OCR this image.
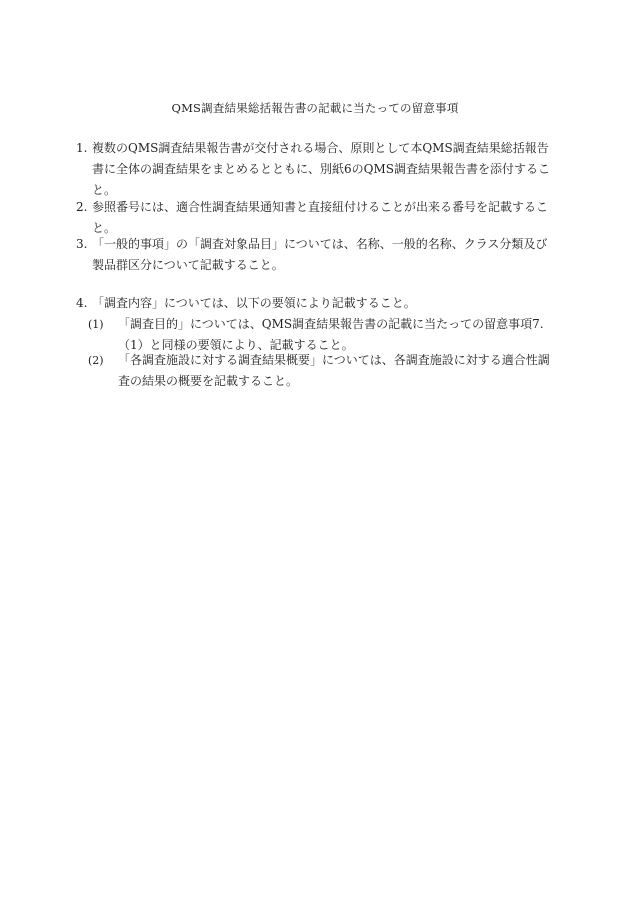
QMS調査結果総括報告書の記載に当たっての留意事項
1. 複数のQMS調査結果報告書が交付される場合、原則として本QMS調査結果総括報告書に全体の調査結果をまとめるとともに、別紙6のQMS調査結果報告書を添付すること。
2. 参照番号には、適合性調査結果通知書と直接紐付けることが出来る番号を記載すること。
3. 「一般的事項」の「調査対象品目」については、名称、一般的名称、クラス分類及び製品群区分について記載すること。
4. 「調査内容」については、以下の要領により記載すること。
(1) 「調査目的」については、QMS調査結果報告書の記載に当たっての留意事項7.（1）と同様の要領により、記載すること。
(2) 「各調査施設に対する調査結果概要」については、各調査施設に対する適合性調査の結果の概要を記載すること。
